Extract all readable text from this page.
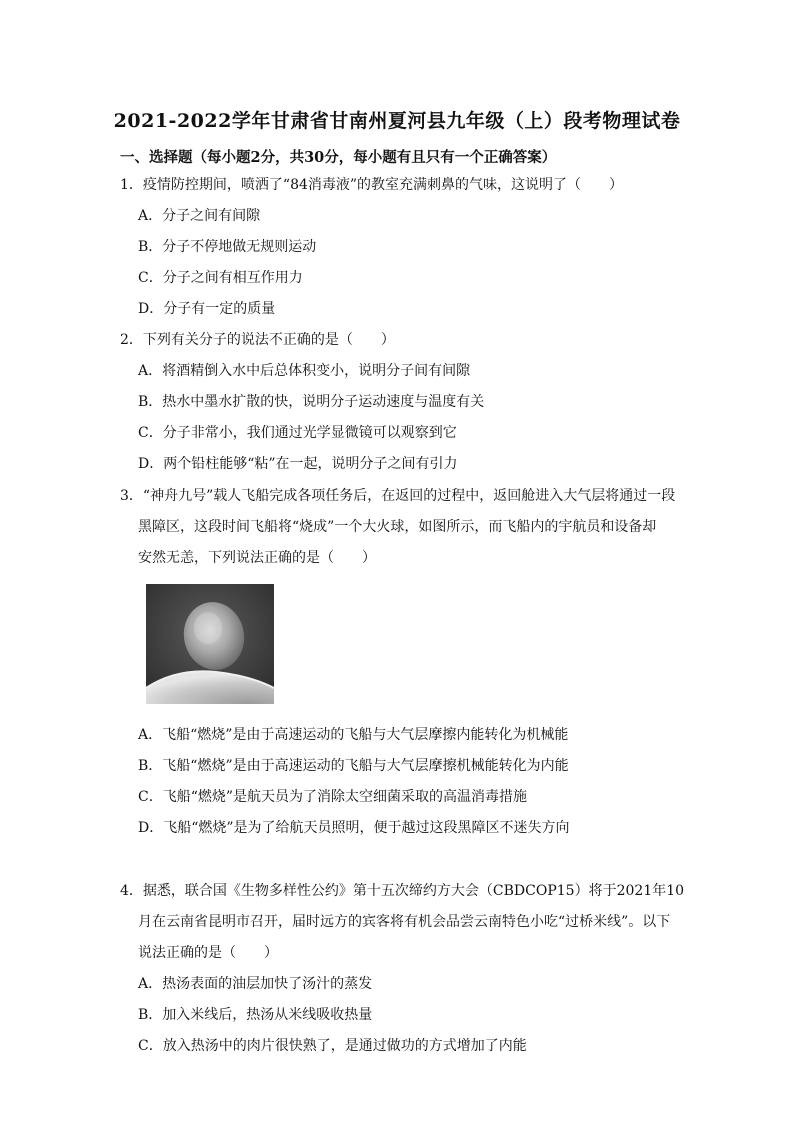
2021-2022学年甘肃省甘南州夏河县九年级（上）段考物理试卷
一、选择题（每小题2分，共30分，每小题有且只有一个正确答案）
1．疫情防控期间，喷洒了“84消毒液”的教室充满刺鼻的气味，这说明了（　　）
A．分子之间有间隙
B．分子不停地做无规则运动
C．分子之间有相互作用力
D．分子有一定的质量
2．下列有关分子的说法不正确的是（　　）
A．将酒精倒入水中后总体积变小，说明分子间有间隙
B．热水中墨水扩散的快，说明分子运动速度与温度有关
C．分子非常小，我们通过光学显微镜可以观察到它
D．两个铅柱能够“粘”在一起，说明分子之间有引力
3．“神舟九号”载人飞船完成各项任务后，在返回的过程中，返回舱进入大气层将通过一段
黑障区，这段时间飞船将“烧成”一个大火球，如图所示，而飞船内的宇航员和设备却
安然无恙，下列说法正确的是（　　）
A．飞船“燃烧”是由于高速运动的飞船与大气层摩擦内能转化为机械能
B．飞船“燃烧”是由于高速运动的飞船与大气层摩擦机械能转化为内能
C．飞船“燃烧”是航天员为了消除太空细菌采取的高温消毒措施
D．飞船“燃烧”是为了给航天员照明，便于越过这段黑障区不迷失方向
4．据悉，联合国《生物多样性公约》第十五次缔约方大会（CBDCOP15）将于2021年10
月在云南省昆明市召开，届时远方的宾客将有机会品尝云南特色小吃“过桥米线”。以下
说法正确的是（　　）
A．热汤表面的油层加快了汤汁的蒸发
B．加入米线后，热汤从米线吸收热量
C．放入热汤中的肉片很快熟了，是通过做功的方式增加了内能
